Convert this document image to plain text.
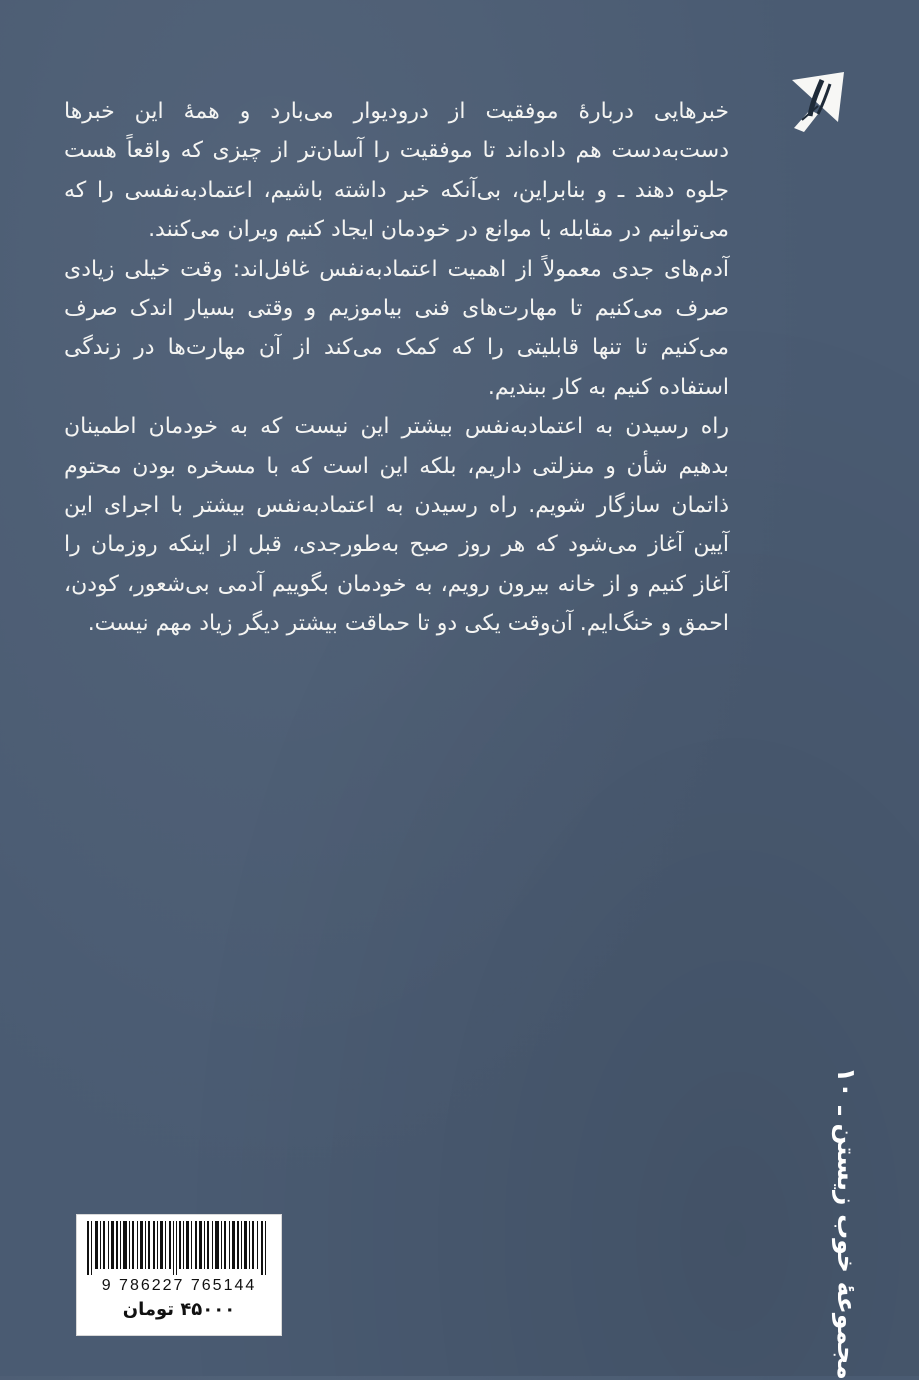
خبرهایی دربارهٔ موفقیت از درودیوار می‌بارد و همهٔ این خبرها دست‌به‌دست هم داده‌اند تا موفقیت را آسان‌تر از چیزی که واقعاً هست جلوه دهند ـ و بنابراین، بی‌آنکه خبر داشته باشیم، اعتمادبه‌نفسی را که می‌توانیم در مقابله با موانع در خودمان ایجاد کنیم ویران می‌کنند.

آدم‌های جدی معمولاً از اهمیت اعتمادبه‌نفس غافل‌اند: وقت خیلی زیادی صرف می‌کنیم تا مهارت‌های فنی بیاموزیم و وقتی بسیار اندک صرف می‌کنیم تا تنها قابلیتی را که کمک می‌کند از آن مهارت‌ها در زندگی استفاده کنیم به کار ببندیم.

راه رسیدن به اعتمادبه‌نفس بیشتر این نیست که به خودمان اطمینان بدهیم شأن و منزلتی داریم، بلکه این است که با مسخره بودن محتوم ذاتمان سازگار شویم. راه رسیدن به اعتمادبه‌نفس بیشتر با اجرای این آیین آغاز می‌شود که هر روز صبح به‌طورجدی، قبل از اینکه روزمان را آغاز کنیم و از خانه بیرون رویم، به خودمان بگوییم آدمی بی‌شعور، کودن، احمق و خنگ‌ایم. آن‌وقت یکی دو تا حماقت بیشتر دیگر زیاد مهم نیست.

مجموعهٔ خوب زیستن ـ ۱۰
9 786227 765144
۴۵۰۰۰ تومان
